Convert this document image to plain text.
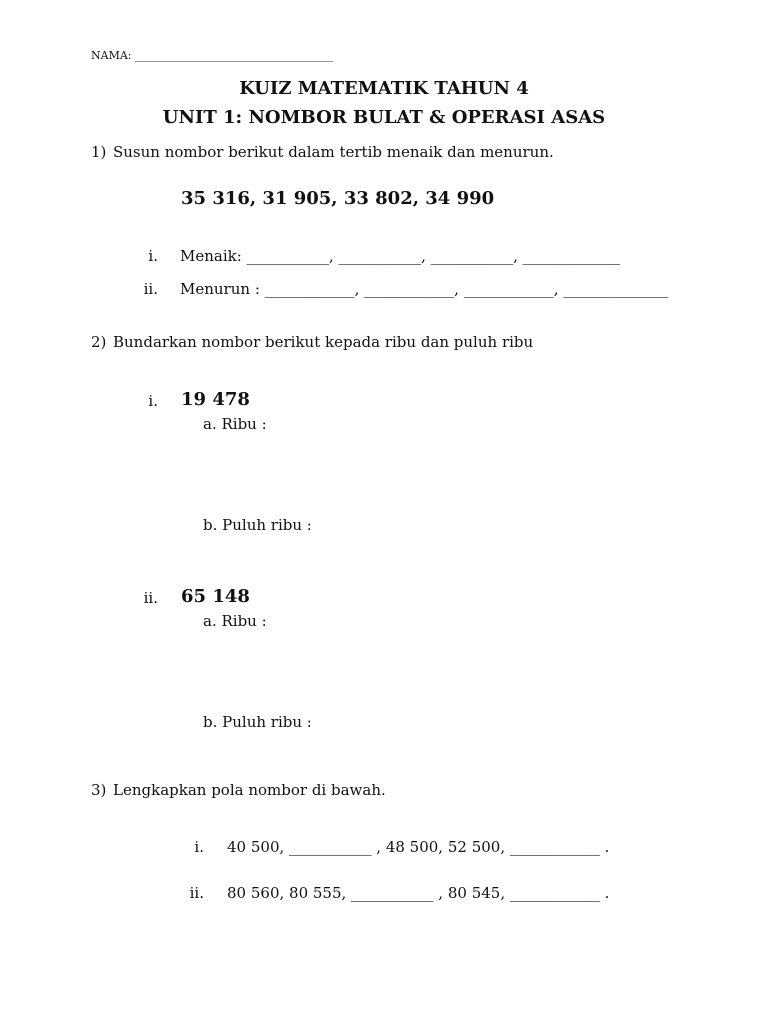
NAMA: ____________________________________
KUIZ MATEMATIK TAHUN 4
UNIT 1: NOMBOR BULAT & OPERASI ASAS
1) Susun nombor berikut dalam tertib menaik dan menurun.
35 316, 31 905, 33 802, 34 990
i. Menaik: ___________, ___________, ___________, _____________
ii. Menurun : ____________, ____________, ____________, ______________
2) Bundarkan nombor berikut kepada ribu dan puluh ribu
i. 19 478
a. Ribu :
b. Puluh ribu :
ii. 65 148
a. Ribu :
b. Puluh ribu :
3) Lengkapkan pola nombor di bawah.
i. 40 500, ___________ , 48 500, 52 500, ____________ .
ii. 80 560, 80 555, ___________ , 80 545, ____________ .
